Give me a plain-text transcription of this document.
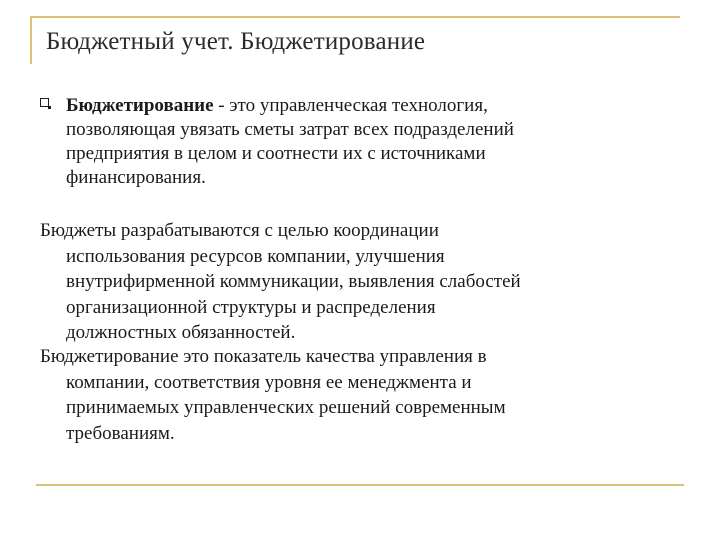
Бюджетный учет. Бюджетирование

Бюджетирование - это управленческая технология,

позволяющая увязать сметы затрат всех подразделений

предприятия в целом и соотнести их с источниками

финансирования.

Бюджеты разрабатываются с целью координации
использования ресурсов компании, улучшения
внутрифирменной коммуникации, выявления слабостей
организационной структуры и распределения
должностных обязанностей.
Бюджетирование это показатель качества управления в
компании, соответствия уровня ее менеджмента и
принимаемых управленческих решений современным
требованиям.
